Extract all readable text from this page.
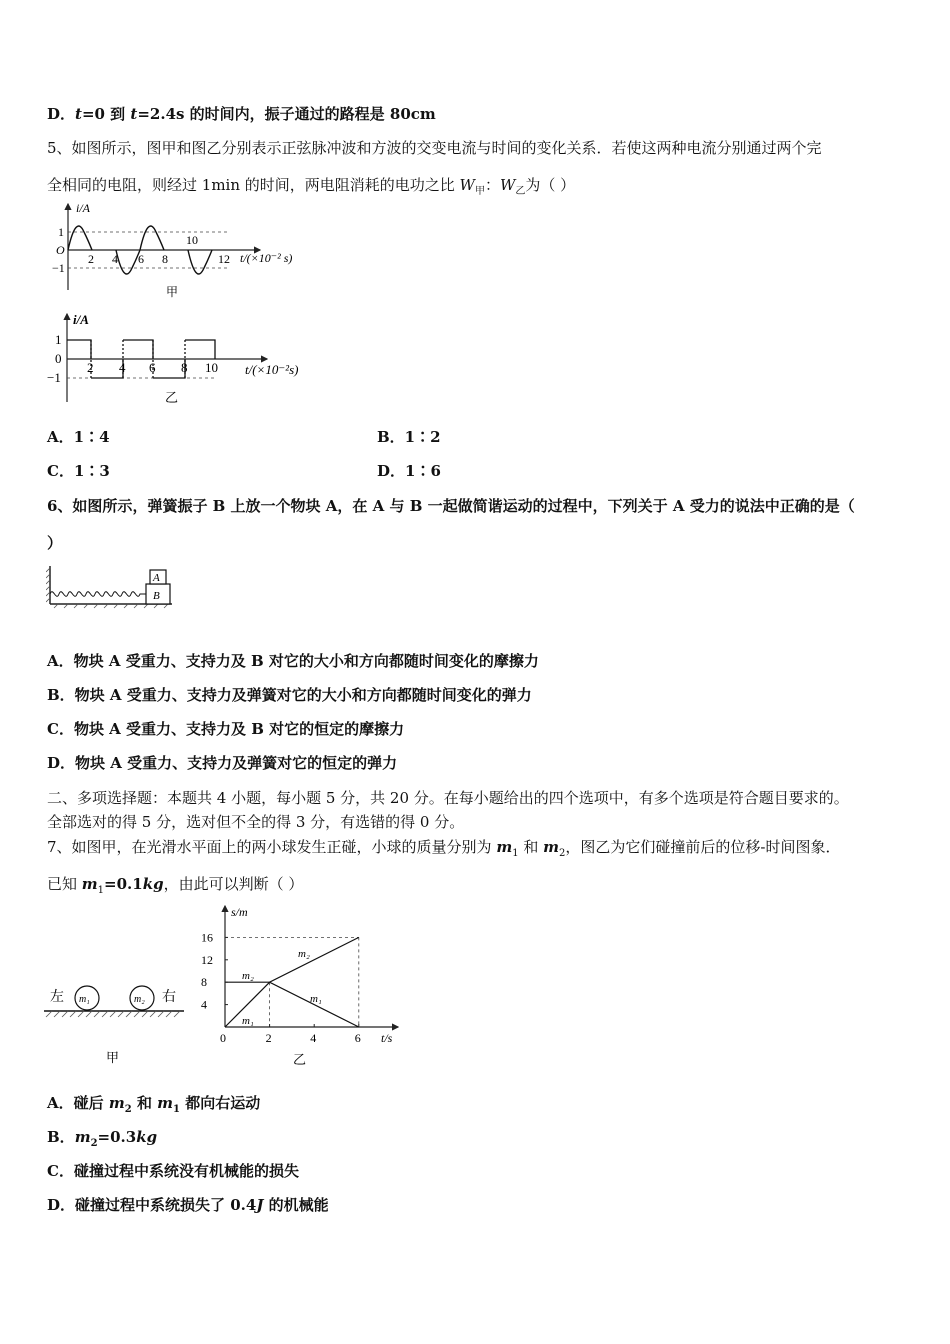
D．t=0 到 t=2.4s 的时间内，振子通过的路程是 80cm
5、如图所示，图甲和图乙分别表示正弦脉冲波和方波的交变电流与时间的变化关系．若使这两种电流分别通过两个完
全相同的电阻，则经过 1min 的时间，两电阻消耗的电功之比 $W_甲$：$W_乙$为（ ）
i/A
O
1
−1
2 4 6 8
10
12 t/(×10⁻² s)
甲
i/A
0
1
−1
2 4 6 8 10 t/(×10⁻²s)
乙
A．1∶4	B．1∶2
C．1∶3	D．1∶6
6、如图所示，弹簧振子 B 上放一个物块 A，在 A 与 B 一起做简谐运动的过程中，下列关于 A 受力的说法中正确的是（
）
A
B
A．物块 A 受重力、支持力及 B 对它的大小和方向都随时间变化的摩擦力
B．物块 A 受重力、支持力及弹簧对它的大小和方向都随时间变化的弹力
C．物块 A 受重力、支持力及 B 对它的恒定的摩擦力
D．物块 A 受重力、支持力及弹簧对它的恒定的弹力
二、多项选择题：本题共 4 小题，每小题 5 分，共 20 分。在每小题给出的四个选项中，有多个选项是符合题目要求的。
全部选对的得 5 分，选对但不全的得 3 分，有选错的得 0 分。
7、如图甲，在光滑水平面上的两小球发生正碰，小球的质量分别为 $m_1$ 和 $m_2$，图乙为它们碰撞前后的位移-时间图象．
已知 $m_1=0.1kg$，由此可以判断（ ）
m₁	m₂
左	右
甲
16
12
8
4
2	4	6
s/m
t/s
0
m₂
m₁
m₂
m₁
乙
A．碰后 $m_2$ 和 $m_1$ 都向右运动
B．$m_2=0.3kg$
C．碰撞过程中系统没有机械能的损失
D．碰撞过程中系统损失了 0.4J 的机械能
